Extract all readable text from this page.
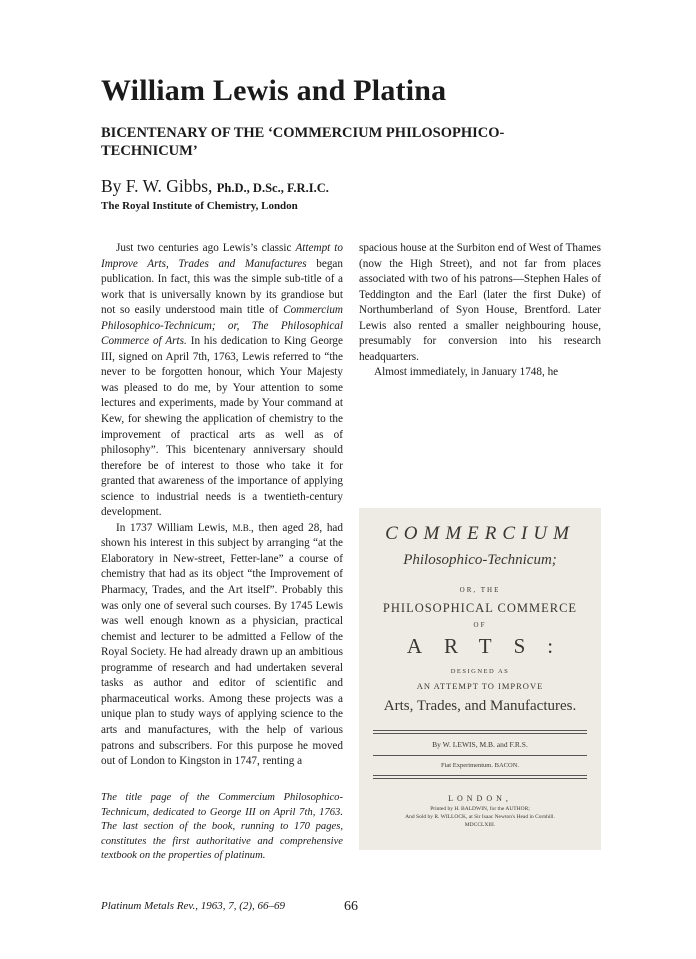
William Lewis and Platina
BICENTENARY OF THE ‘COMMERCIUM PHILOSOPHICO-TECHNICUM’
By F. W. Gibbs, Ph.D., D.Sc., F.R.I.C.
The Royal Institute of Chemistry, London

Just two centuries ago Lewis’s classic Attempt to Improve Arts, Trades and Manufactures began publication. In fact, this was the simple sub-title of a work that is universally known by its grandiose but not so easily understood main title of Commercium Philosophico-Technicum; or, The Philosophical Commerce of Arts. In his dedication to King George III, signed on April 7th, 1763, Lewis referred to “the never to be forgotten honour, which Your Majesty was pleased to do me, by Your attention to some lectures and experiments, made by Your command at Kew, for shewing the application of chemistry to the improvement of practical arts as well as of philosophy”. This bicentenary anniversary should therefore be of interest to those who take it for granted that awareness of the importance of applying science to industrial needs is a twentieth-century development.

In 1737 William Lewis, M.B., then aged 28, had shown his interest in this subject by arranging “at the Elaboratory in New-street, Fetter-lane” a course of chemistry that had as its object “the Improvement of Pharmacy, Trades, and the Art itself”. Probably this was only one of several such courses. By 1745 Lewis was well enough known as a physician, practical chemist and lecturer to be admitted a Fellow of the Royal Society. He had already drawn up an ambitious programme of research and had undertaken several tasks as author and editor of scientific and pharmaceutical works. Among these projects was a unique plan to study ways of applying science to the arts and manufactures, with the help of various patrons and subscribers. For this purpose he moved out of London to Kingston in 1747, renting a

spacious house at the Surbiton end of West of Thames (now the High Street), and not far from places associated with two of his patrons—Stephen Hales of Teddington and the Earl (later the first Duke) of Northumberland of Syon House, Brentford. Later Lewis also rented a smaller neighbouring house, presumably for conversion into his research headquarters.

Almost immediately, in January 1748, he

The title page of the Commercium Philosophico-Technicum, dedicated to George III on April 7th, 1763. The last section of the book, running to 170 pages, constitutes the first authoritative and comprehensive textbook on the properties of platinum.
COMMERCIUM
Philosophico-Technicum;
OR, THE
PHILOSOPHICAL COMMERCE
OF
ARTS:
DESIGNED AS
AN ATTEMPT TO IMPROVE
Arts, Trades, and Manufactures.
By W. LEWIS, M.B. and F.R.S.
Fiat Experimentum. BACON.
LONDON,
Printed by H. BALDWIN, for the AUTHOR;
And Sold by R. WILLOCK, at Sir Isaac Newton's Head in Cornhill.
MDCCLXIII.
Platinum Metals Rev., 1963, 7, (2), 66–69	66
